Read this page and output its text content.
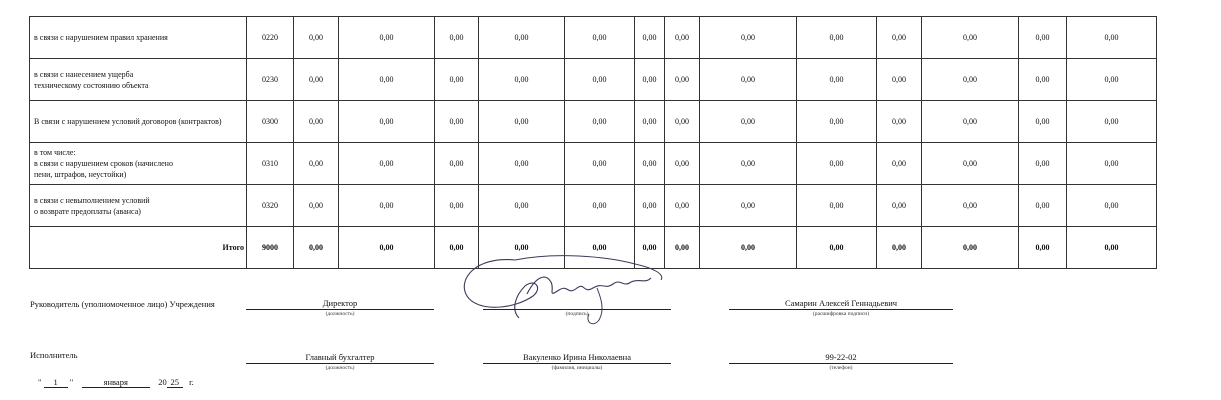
в связи с нарушением правил хранения	0220	0,00	0,00	0,00	0,00	0,00	0,00	0,00	0,00	0,00	0,00	0,00	0,00	0,00
в связи с нанесением ущерба
техническому состоянию объекта	0230	0,00	0,00	0,00	0,00	0,00	0,00	0,00	0,00	0,00	0,00	0,00	0,00	0,00
В связи с нарушением условий договоров (контрактов)	0300	0,00	0,00	0,00	0,00	0,00	0,00	0,00	0,00	0,00	0,00	0,00	0,00	0,00
в том числе:
в связи с нарушением сроков (начислено
пени, штрафов, неустойки)	0310	0,00	0,00	0,00	0,00	0,00	0,00	0,00	0,00	0,00	0,00	0,00	0,00	0,00
в связи с невыполнением условий
о возврате предоплаты (аванса)	0320	0,00	0,00	0,00	0,00	0,00	0,00	0,00	0,00	0,00	0,00	0,00	0,00	0,00
Итого	9000	0,00	0,00	0,00	0,00	0,00	0,00	0,00	0,00	0,00	0,00	0,00	0,00	0,00
Руководитель (уполномоченное лицо) Учреждения	Директор
(должность)	(подпись)
Самарин Алексей Геннадьевич
(расшифровка подписи)
Исполнитель	Главный бухгалтер
(должность)
Вакуленко Ирина Николаевна
(фамилия, инициалы)
99-22-02
(телефон)
" 1 "	января	20 25 г.
